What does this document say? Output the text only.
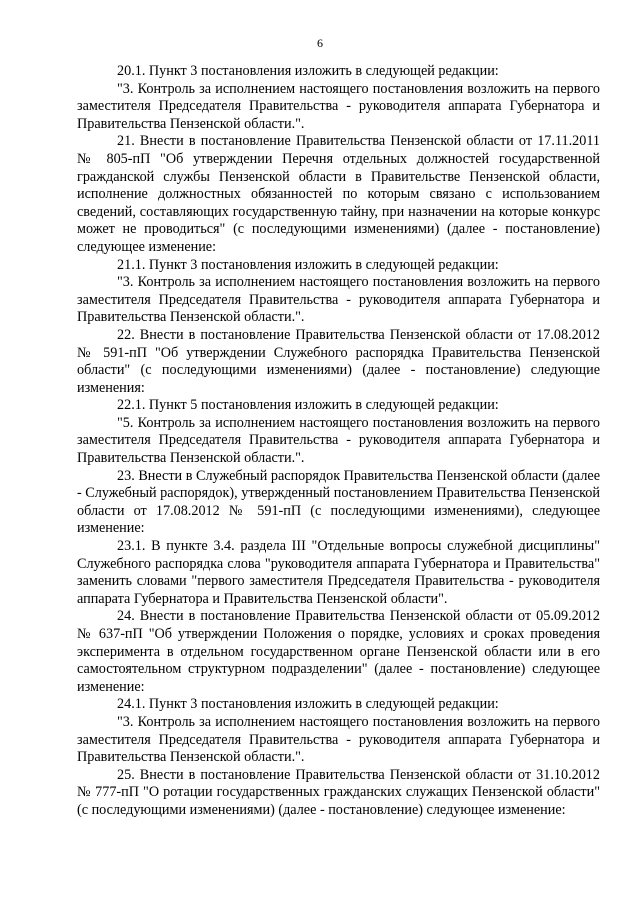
6

20.1. Пункт 3 постановления изложить в следующей редакции:

"3. Контроль за исполнением настоящего постановления возложить на первого заместителя Председателя Правительства - руководителя аппарата Губернатора и Правительства Пензенской области.".

21. Внести в постановление Правительства Пензенской области от 17.11.2011 № 805-пП "Об утверждении Перечня отдельных должностей государственной гражданской службы Пензенской области в Правительстве Пензенской области, исполнение должностных обязанностей по которым связано с использованием сведений, составляющих государственную тайну, при назначении на которые конкурс может не проводиться" (с последующими изменениями) (далее - постановление) следующее изменение:

21.1. Пункт 3 постановления изложить в следующей редакции:

"3. Контроль за исполнением настоящего постановления возложить на первого заместителя Председателя Правительства - руководителя аппарата Губернатора и Правительства Пензенской области.".

22. Внести в постановление Правительства Пензенской области от 17.08.2012 № 591-пП "Об утверждении Служебного распорядка Правительства Пензенской области" (с последующими изменениями) (далее - постановление) следующие изменения:

22.1. Пункт 5 постановления изложить в следующей редакции:

"5. Контроль за исполнением настоящего постановления возложить на первого заместителя Председателя Правительства - руководителя аппарата Губернатора и Правительства Пензенской области.".

23. Внести в Служебный распорядок Правительства Пензенской области (далее - Служебный распорядок), утвержденный постановлением Правительства Пензенской области от 17.08.2012 № 591-пП (с последующими изменениями), следующее изменение:

23.1. В пункте 3.4. раздела III "Отдельные вопросы служебной дисциплины" Служебного распорядка слова "руководителя аппарата Губернатора и Правительства" заменить словами "первого заместителя Председателя Правительства - руководителя аппарата Губернатора и Правительства Пензенской области".

24. Внести в постановление Правительства Пензенской области от 05.09.2012 № 637-пП "Об утверждении Положения о порядке, условиях и сроках проведения эксперимента в отдельном государственном органе Пензенской области или в его самостоятельном структурном подразделении" (далее - постановление) следующее изменение:

24.1. Пункт 3 постановления изложить в следующей редакции:

"3. Контроль за исполнением настоящего постановления возложить на первого заместителя Председателя Правительства - руководителя аппарата Губернатора и Правительства Пензенской области.".

25. Внести в постановление Правительства Пензенской области от 31.10.2012 № 777-пП "О ротации государственных гражданских служащих Пензенской области" (с последующими изменениями) (далее - постановление) следующее изменение:
